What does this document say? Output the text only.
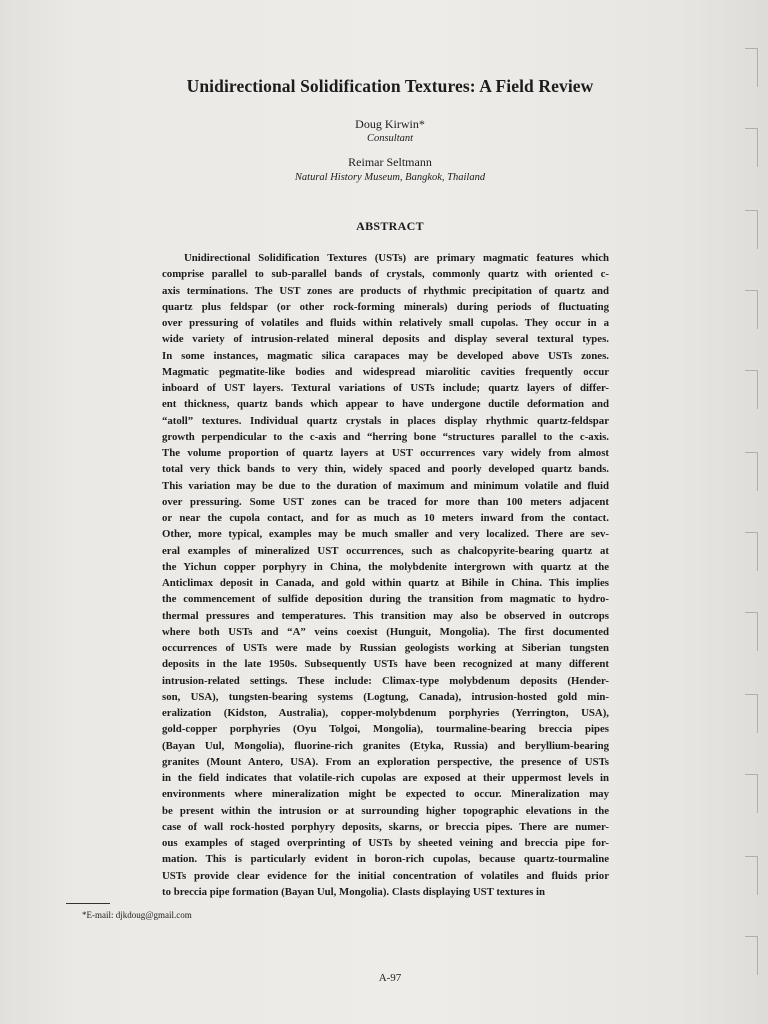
Unidirectional Solidification Textures: A Field Review
Doug Kirwin*
Consultant
Reimar Seltmann
Natural History Museum, Bangkok, Thailand
ABSTRACT
Unidirectional Solidification Textures (USTs) are primary magmatic features which
comprise parallel to sub-parallel bands of crystals, commonly quartz with oriented c-
axis terminations. The UST zones are products of rhythmic precipitation of quartz and
quartz plus feldspar (or other rock-forming minerals) during periods of fluctuating
over pressuring of volatiles and fluids within relatively small cupolas. They occur in a
wide variety of intrusion-related mineral deposits and display several textural types.
In some instances, magmatic silica carapaces may be developed above USTs zones.
Magmatic pegmatite-like bodies and widespread miarolitic cavities frequently occur
inboard of UST layers. Textural variations of USTs include; quartz layers of differ-
ent thickness, quartz bands which appear to have undergone ductile deformation and
“atoll” textures. Individual quartz crystals in places display rhythmic quartz-feldspar
growth perpendicular to the c-axis and “herring bone “structures parallel to the c-axis.
The volume proportion of quartz layers at UST occurrences vary widely from almost
total very thick bands to very thin, widely spaced and poorly developed quartz bands.
This variation may be due to the duration of maximum and minimum volatile and fluid
over pressuring. Some UST zones can be traced for more than 100 meters adjacent
or near the cupola contact, and for as much as 10 meters inward from the contact.
Other, more typical, examples may be much smaller and very localized. There are sev-
eral examples of mineralized UST occurrences, such as chalcopyrite-bearing quartz at
the Yichun copper porphyry in China, the molybdenite intergrown with quartz at the
Anticlimax deposit in Canada, and gold within quartz at Bihile in China. This implies
the commencement of sulfide deposition during the transition from magmatic to hydro-
thermal pressures and temperatures. This transition may also be observed in outcrops
where both USTs and “A” veins coexist (Hunguit, Mongolia). The first documented
occurrences of USTs were made by Russian geologists working at Siberian tungsten
deposits in the late 1950s. Subsequently USTs have been recognized at many different
intrusion-related settings. These include: Climax-type molybdenum deposits (Hender-
son, USA), tungsten-bearing systems (Logtung, Canada), intrusion-hosted gold min-
eralization (Kidston, Australia), copper-molybdenum porphyries (Yerrington, USA),
gold-copper porphyries (Oyu Tolgoi, Mongolia), tourmaline-bearing breccia pipes
(Bayan Uul, Mongolia), fluorine-rich granites (Etyka, Russia) and beryllium-bearing
granites (Mount Antero, USA). From an exploration perspective, the presence of USTs
in the field indicates that volatile-rich cupolas are exposed at their uppermost levels in
environments where mineralization might be expected to occur. Mineralization may
be present within the intrusion or at surrounding higher topographic elevations in the
case of wall rock-hosted porphyry deposits, skarns, or breccia pipes. There are numer-
ous examples of staged overprinting of USTs by sheeted veining and breccia pipe for-
mation. This is particularly evident in boron-rich cupolas, because quartz-tourmaline
USTs provide clear evidence for the initial concentration of volatiles and fluids prior
to breccia pipe formation (Bayan Uul, Mongolia). Clasts displaying UST textures in
*E-mail: djkdoug@gmail.com
A-97
